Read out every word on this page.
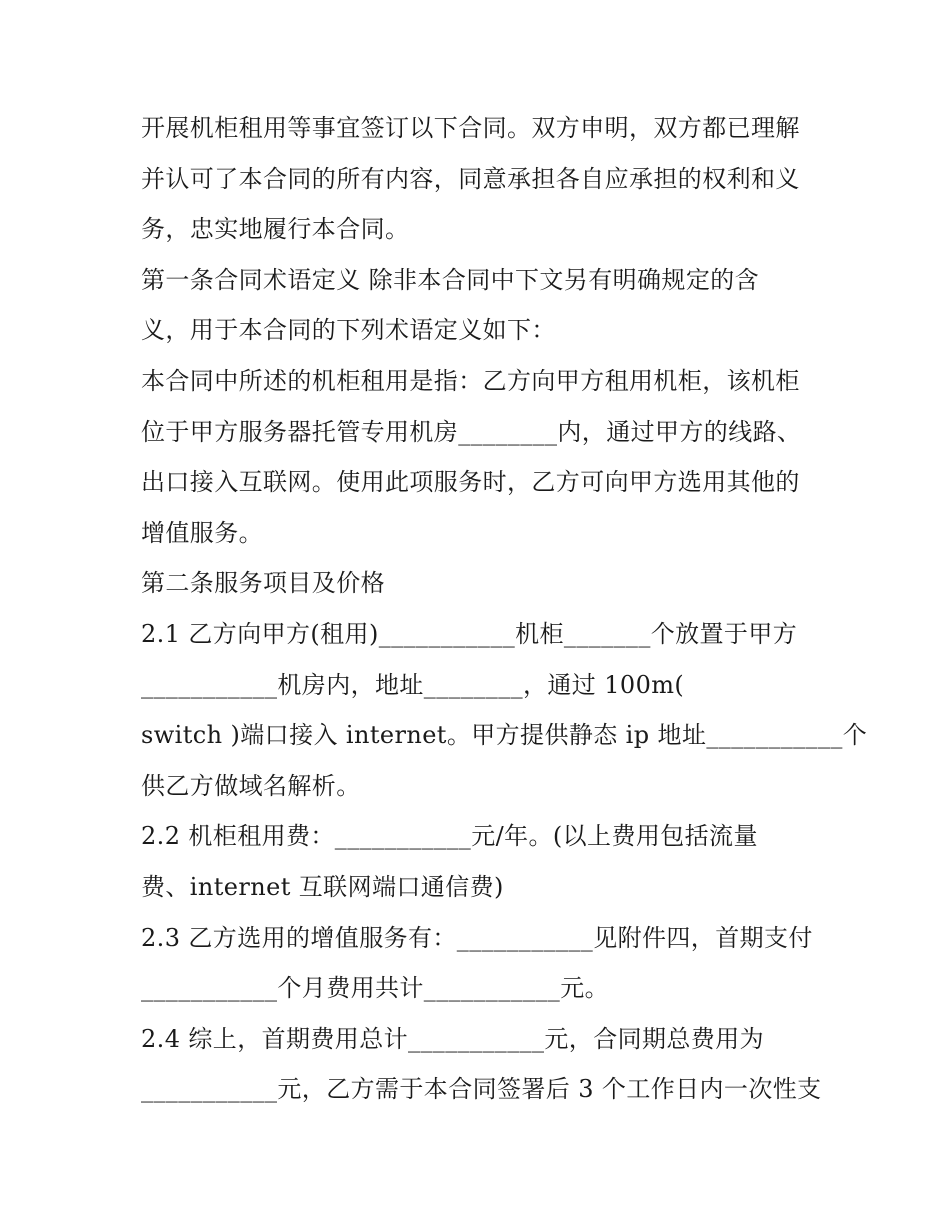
开展机柜租用等事宜签订以下合同。双方申明，双方都已理解
并认可了本合同的所有内容，同意承担各自应承担的权利和义
务，忠实地履行本合同。
第一条合同术语定义 除非本合同中下文另有明确规定的含
义，用于本合同的下列术语定义如下：
本合同中所述的机柜租用是指：乙方向甲方租用机柜，该机柜
位于甲方服务器托管专用机房________内，通过甲方的线路、
出口接入互联网。使用此项服务时，乙方可向甲方选用其他的
增值服务。
第二条服务项目及价格
2.1 乙方向甲方(租用)___________机柜_______个放置于甲方
___________机房内，地址________，通过 100m(
switch )端口接入 internet。甲方提供静态 ip 地址___________个
供乙方做域名解析。
2.2 机柜租用费：___________元/年。(以上费用包括流量
费、internet 互联网端口通信费)
2.3 乙方选用的增值服务有：___________见附件四，首期支付
___________个月费用共计___________元。
2.4 综上，首期费用总计___________元，合同期总费用为
___________元，乙方需于本合同签署后 3 个工作日内一次性支
